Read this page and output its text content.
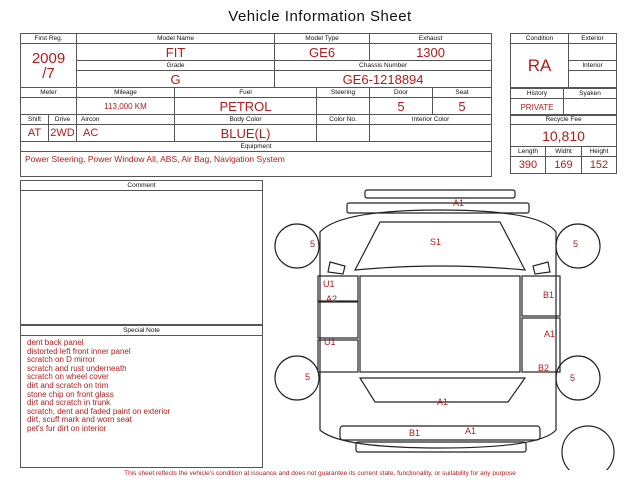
Vehicle Information Sheet
First Reg.		Model Name		Model Type		Exhaust	

2009
/7		FIT		GE6		1300	
		Grade		Chassis Number			
		G		GE6-1218894			
Meter		Mileage	Fuel		Steering	Door	Seat
		113,000 KM	PETROL			5	5
Shift	Drive	Aircon	Body Color		Color No.	Interior Color	
AT	2WD	AC	BLUE(L)				
Equipment							
Power Steering, Power Window All, ABS, Air Bag, Navigation System							
Condition	Exterior
RA	
	Interior

History	Syaken
PRIVATE	
Recycle Fee		
10,810		
Length	Widht	Height
390	169	152
Comment
Special Note
dent back panel
distorted left front inner panel
scratch on D mirror
scratch and rust underneath
scratch on wheel cover
dirt and scratch on trim
stone chip on front glass
dirt and scratch in trunk
scratch, dent and faded paint on exterior
dirt, scuff mark and worn seat
pet's fur dirt on interior
A1
S1
5	5
5	5
U1
A2
U1
B1
A1
B2
A1
A1
B1
This sheet reflects the vehicle's condition at issuance and does not guarantee its current state, functionality, or suitability for any purpose
